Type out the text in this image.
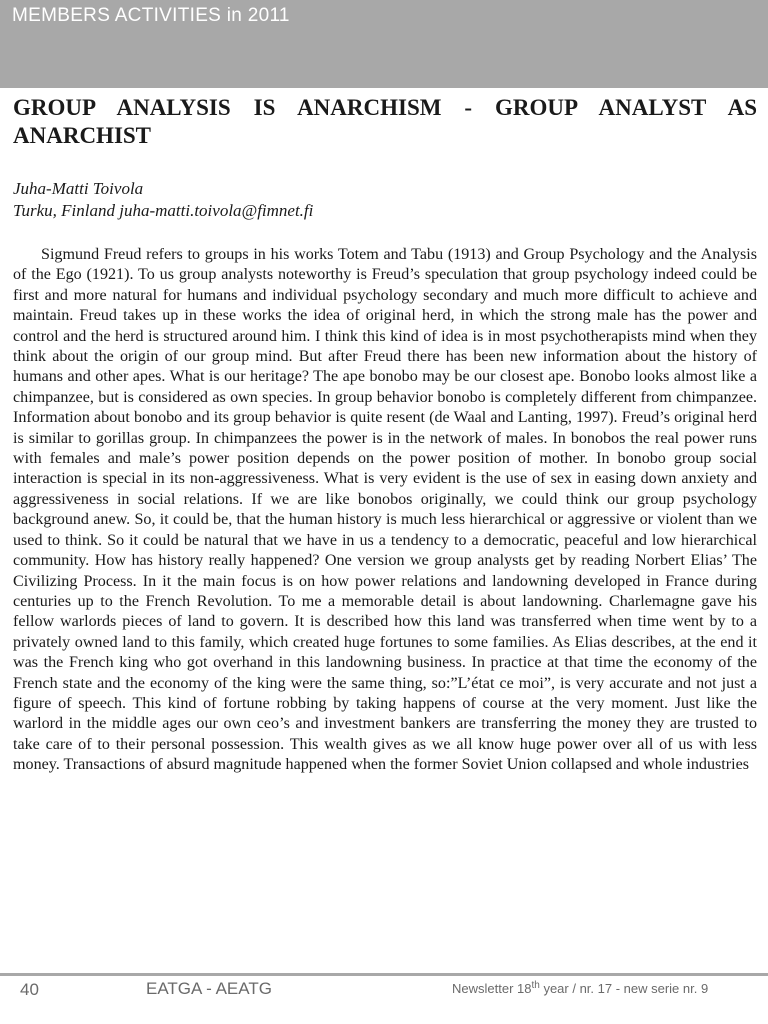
MEMBERS ACTIVITIES in 2011
GROUP ANALYSIS IS ANARCHISM - GROUP ANALYST AS ANARCHIST
Juha-Matti Toivola
Turku, Finland juha-matti.toivola@fimnet.fi

Sigmund Freud refers to groups in his works Totem and Tabu (1913) and Group Psychology and the Analysis of the Ego (1921). To us group analysts noteworthy is Freud’s speculation that group psychology indeed could be first and more natural for humans and individual psychology secondary and much more difficult to achieve and maintain. Freud takes up in these works the idea of original herd, in which the strong male has the power and control and the herd is structured around him. I think this kind of idea is in most psychotherapists mind when they think about the origin of our group mind. But after Freud there has been new information about the history of humans and other apes. What is our heritage? The ape bonobo may be our closest ape. Bonobo looks almost like a chimpanzee, but is considered as own species. In group behavior bonobo is completely different from chimpanzee. Information about bonobo and its group behavior is quite resent (de Waal and Lanting, 1997). Freud’s original herd is similar to gorillas group. In chimpanzees the power is in the network of males. In bonobos the real power runs with females and male’s power position depends on the power position of mother. In bonobo group social interaction is special in its non-aggressiveness. What is very evident is the use of sex in easing down anxiety and aggressiveness in social relations. If we are like bonobos originally, we could think our group psychology background anew. So, it could be, that the human history is much less hierarchical or aggressive or violent than we used to think. So it could be natural that we have in us a tendency to a democratic, peaceful and low hierarchical community. How has history really happened? One version we group analysts get by reading Norbert Elias’ The Civilizing Process. In it the main focus is on how power relations and landowning developed in France during centuries up to the French Revolution. To me a memorable detail is about landowning. Charlemagne gave his fellow warlords pieces of land to govern. It is described how this land was transferred when time went by to a privately owned land to this family, which created huge fortunes to some families. As Elias describes, at the end it was the French king who got overhand in this landowning business. In practice at that time the economy of the French state and the economy of the king were the same thing, so:”L’état ce moi”, is very accurate and not just a figure of speech. This kind of fortune robbing by taking happens of course at the very moment. Just like the warlord in the middle ages our own ceo’s and investment bankers are transferring the money they are trusted to take care of to their personal possession. This wealth gives as we all know huge power over all of us with less money. Transactions of absurd magnitude happened when the former Soviet Union collapsed and whole industries

40	EATGA - AEATG	Newsletter 18th year / nr. 17 - new serie nr. 9
